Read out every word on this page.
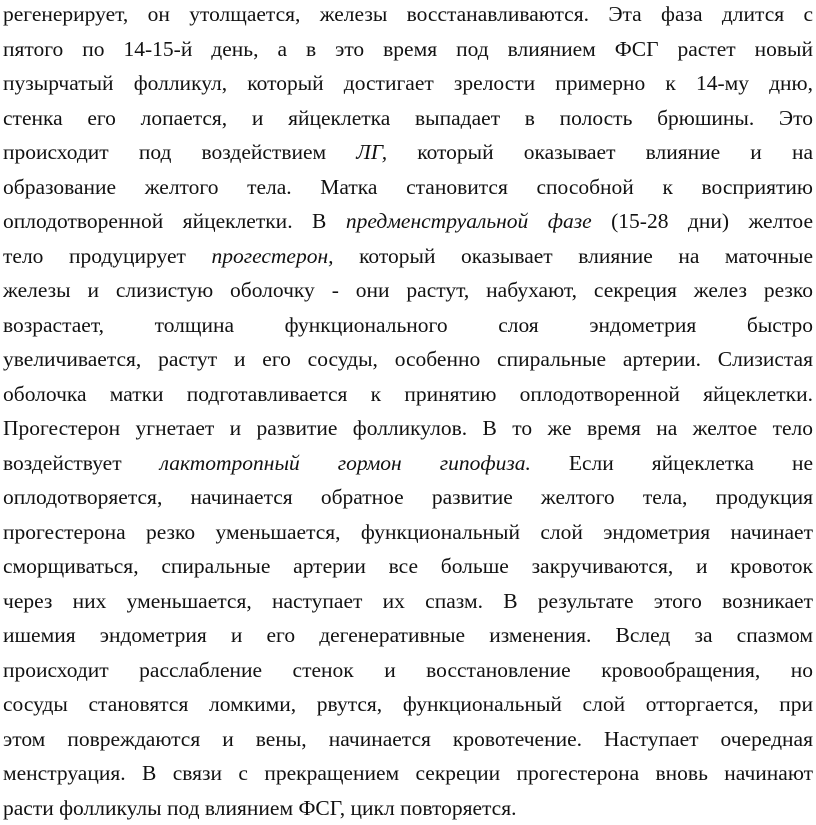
регенерирует, он утолщается, железы восстанавливаются. Эта фаза длится с
пятого по 14-15-й день, а в это время под влиянием ФСГ растет новый
пузырчатый фолликул, который достигает зрелости примерно к 14-му дню,
стенка его лопается, и яйцеклетка выпадает в полость брюшины. Это
происходит под воздействием ЛГ, который оказывает влияние и на
образование желтого тела. Матка становится способной к восприятию
оплодотворенной яйцеклетки. В предменструальной фазе (15-28 дни) желтое
тело продуцирует прогестерон, который оказывает влияние на маточные
железы и слизистую оболочку - они растут, набухают, секреция желез резко
возрастает, толщина функционального слоя эндометрия быстро
увеличивается, растут и его сосуды, особенно спиральные артерии. Слизистая
оболочка матки подготавливается к принятию оплодотворенной яйцеклетки.
Прогестерон угнетает и развитие фолликулов. В то же время на желтое тело
воздействует лактотропный гормон гипофиза. Если яйцеклетка не
оплодотворяется, начинается обратное развитие желтого тела, продукция
прогестерона резко уменьшается, функциональный слой эндометрия начинает
сморщиваться, спиральные артерии все больше закручиваются, и кровоток
через них уменьшается, наступает их спазм. В результате этого возникает
ишемия эндометрия и его дегенеративные изменения. Вслед за спазмом
происходит расслабление стенок и восстановление кровообращения, но
сосуды становятся ломкими, рвутся, функциональный слой отторгается, при
этом повреждаются и вены, начинается кровотечение. Наступает очередная
менструация. В связи с прекращением секреции прогестерона вновь начинают
расти фолликулы под влиянием ФСГ, цикл повторяется.
